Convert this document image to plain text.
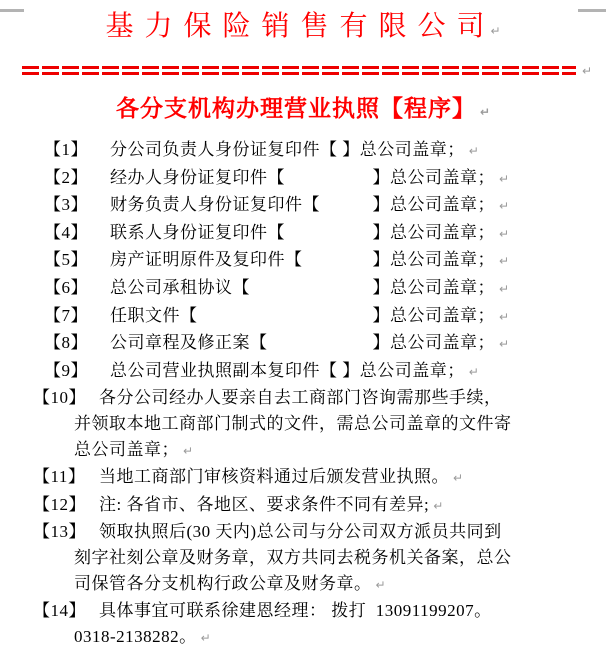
基 力 保 险 销 售 有 限 公 司 ↵
↵
各分支机构办理营业执照【程序】 ↵
【1】 分公司负责人身份证复印件【 】总公司盖章； ↵
【2】 经办人身份证复印件【　　　　　】总公司盖章； ↵
【3】 财务负责人身份证复印件【　　　】总公司盖章； ↵
【4】 联系人身份证复印件【　　　　　】总公司盖章； ↵
【5】 房产证明原件及复印件【　　　　】总公司盖章； ↵
【6】 总公司承租协议【　　　　　　　】总公司盖章； ↵
【7】 任职文件【　　　　　　　　　　】总公司盖章； ↵
【8】 公司章程及修正案【　　　　　　】总公司盖章； ↵
【9】 总公司营业执照副本复印件【 】总公司盖章； ↵
【10】 各分公司经办人要亲自去工商部门咨询需那些手续，
并领取本地工商部门制式的文件，需总公司盖章的文件寄
总公司盖章； ↵
【11】 当地工商部门审核资料通过后颁发营业执照。 ↵
【12】 注: 各省市、各地区、要求条件不同有差异; ↵
【13】 领取执照后(30 天内)总公司与分公司双方派员共同到
刻字社刻公章及财务章，双方共同去税务机关备案，总公
司保管各分支机构行政公章及财务章。 ↵
【14】 具体事宜可联系徐建恩经理： 拨打  13091199207。
0318-2138282。 ↵
